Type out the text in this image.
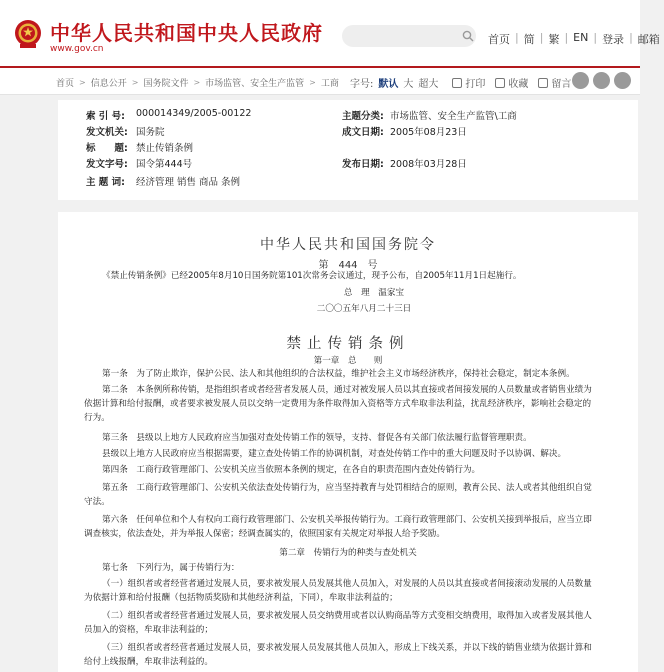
中华人民共和国中央人民政府
www.gov.cn
首页 | 简 | 繁 | EN | 登录 | 邮箱
首页 > 信息公开 > 国务院文件 > 市场监管、安全生产监管 > 工商 字号: 默认 大 超大	打印 收藏 留言
索 引 号: 000014349/2005-00122	主题分类: 市场监管、安全生产监管\工商
发文机关: 国务院	成文日期: 2005年08月23日
标　　题: 禁止传销条例
发文字号: 国令第444号	发布日期: 2008年03月28日
主 题 词: 经济管理 销售 商品 条例
中华人民共和国国务院令
第　444　号
《禁止传销条例》已经2005年8月10日国务院第101次常务会议通过，现予公布，自2005年11月1日起施行。
总　理　温家宝
二〇〇五年八月二十三日
禁止传销条例
第一章　总　　则
第一条　为了防止欺诈，保护公民、法人和其他组织的合法权益，维护社会主义市场经济秩序，保持社会稳定，制定本条例。
第二条　本条例所称传销，是指组织者或者经营者发展人员，通过对被发展人员以其直接或者间接发展的人员数量或者销售业绩为
依据计算和给付报酬，或者要求被发展人员以交纳一定费用为条件取得加入资格等方式牟取非法利益，扰乱经济秩序，影响社会稳定的
行为。
第三条　县级以上地方人民政府应当加强对查处传销工作的领导，支持、督促各有关部门依法履行监督管理职责。
县级以上地方人民政府应当根据需要，建立查处传销工作的协调机制，对查处传销工作中的重大问题及时予以协调、解决。
第四条　工商行政管理部门、公安机关应当依照本条例的规定，在各自的职责范围内查处传销行为。
第五条　工商行政管理部门、公安机关依法查处传销行为，应当坚持教育与处罚相结合的原则，教育公民、法人或者其他组织自觉
守法。
第六条　任何单位和个人有权向工商行政管理部门、公安机关举报传销行为。工商行政管理部门、公安机关接到举报后，应当立即
调查核实，依法查处，并为举报人保密；经调查属实的，依照国家有关规定对举报人给予奖励。
第二章　传销行为的种类与查处机关
第七条　下列行为，属于传销行为：
（一）组织者或者经营者通过发展人员，要求被发展人员发展其他人员加入，对发展的人员以其直接或者间接滚动发展的人员数量
为依据计算和给付报酬（包括物质奖励和其他经济利益，下同），牟取非法利益的；
（二）组织者或者经营者通过发展人员，要求被发展人员交纳费用或者以认购商品等方式变相交纳费用，取得加入或者发展其他人
员加入的资格，牟取非法利益的；
（三）组织者或者经营者通过发展人员，要求被发展人员发展其他人员加入，形成上下线关系，并以下线的销售业绩为依据计算和
给付上线报酬，牟取非法利益的。
